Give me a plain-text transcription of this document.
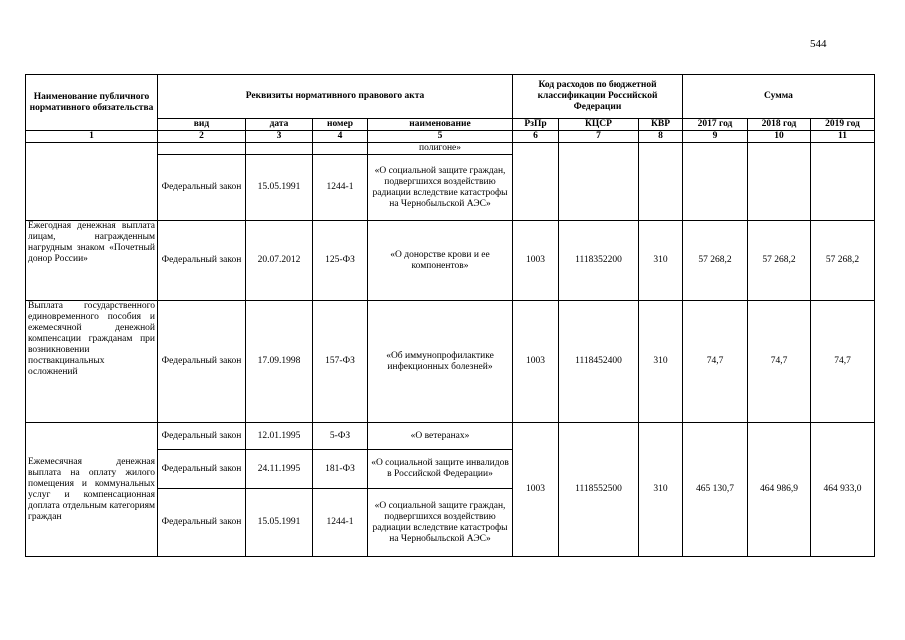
544
Наименование публичного нормативного обязательства	Реквизиты нормативного правового акта				Код расходов по бюджетной классификации Российской Федерации			Сумма		
	вид	дата	номер	наименование	РзПр	КЦСР	КВР	2017 год	2018 год	2019 год
1	2	3	4	5	6	7	8	9	10	11
				полигоне»						
	Федеральный закон	15.05.1991	1244-1	«О социальной защите граждан, подвергшихся воздействию радиации вследствие катастрофы на Чернобыльской АЭС»						
Ежегодная денежная выплата лицам, награжденным нагрудным знаком «Почетный донор России»	Федеральный закон	20.07.2012	125-ФЗ	«О донорстве крови и ее компонентов»	1003	1118352200	310	57 268,2	57 268,2	57 268,2
Выплата государственного единовременного пособия и ежемесячной денежной компенсации гражданам при возникновении поствакцинальных осложнений	Федеральный закон	17.09.1998	157-ФЗ	«Об иммунопрофилактике инфекционных болезней»	1003	1118452400	310	74,7	74,7	74,7
Ежемесячная денежная выплата на оплату жилого помещения и коммунальных услуг и компенсационная доплата отдельным категориям граждан	Федеральный закон	12.01.1995	5-ФЗ	«О ветеранах»	1003	1118552500	310	465 130,7	464 986,9	464 933,0
	Федеральный закон	24.11.1995	181-ФЗ	«О социальной защите инвалидов в Российской Федерации»						
	Федеральный закон	15.05.1991	1244-1	«О социальной защите граждан, подвергшихся воздействию радиации вследствие катастрофы на Чернобыльской АЭС»						
